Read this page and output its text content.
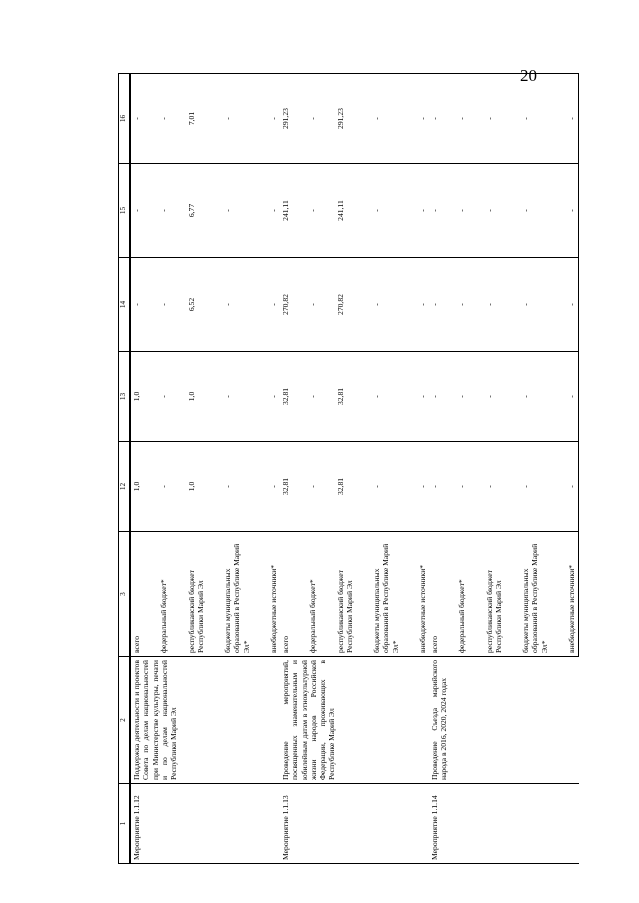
20
1	2	3	12	13	14	15	16
Мероприятие 1.1.12	Поддержка деятельности и проектов Совета по делам национальностей при Министерстве культуры, печати и по делам национальностей Республики Марий Эл	всего	1,0	1,0	-	-	-

		федеральный бюджет*	-	-	-	-	-

		республиканский бюджет Республики Марий Эл	1,0	1,0	6,52	6,77	7,01

		бюджеты муниципальных образований в Республике Марий Эл*	-	-	-	-	-

		внебюджетные источники*	-	-	-	-	-
Мероприятие 1.1.13	Проведение мероприятий, посвященных знаменательным и юбилейным датам в этнокультурной жизни народов Российской Федерации, проживающих в Республике Марий Эл	всего	32,81	32,81	270,82	241,11	291,23

		федеральный бюджет*	-	-	-	-	-

		республиканский бюджет Республики Марий Эл	32,81	32,81	270,82	241,11	291,23

		бюджеты муниципальных образований в Республике Марий Эл*	-	-	-	-	-

		внебюджетные источники*	-	-	-	-	-
Мероприятие 1.1.14	Проведение Съезда марийского народа в 2016, 2020, 2024 годах	всего	-	-	-	-	-

		федеральный бюджет*	-	-	-	-	-

		республиканский бюджет Республики Марий Эл	-	-	-	-	-

		бюджеты муниципальных образований в Республике Марий Эл*	-	-	-	-	-

		внебюджетные источники*	-	-	-	-	-
